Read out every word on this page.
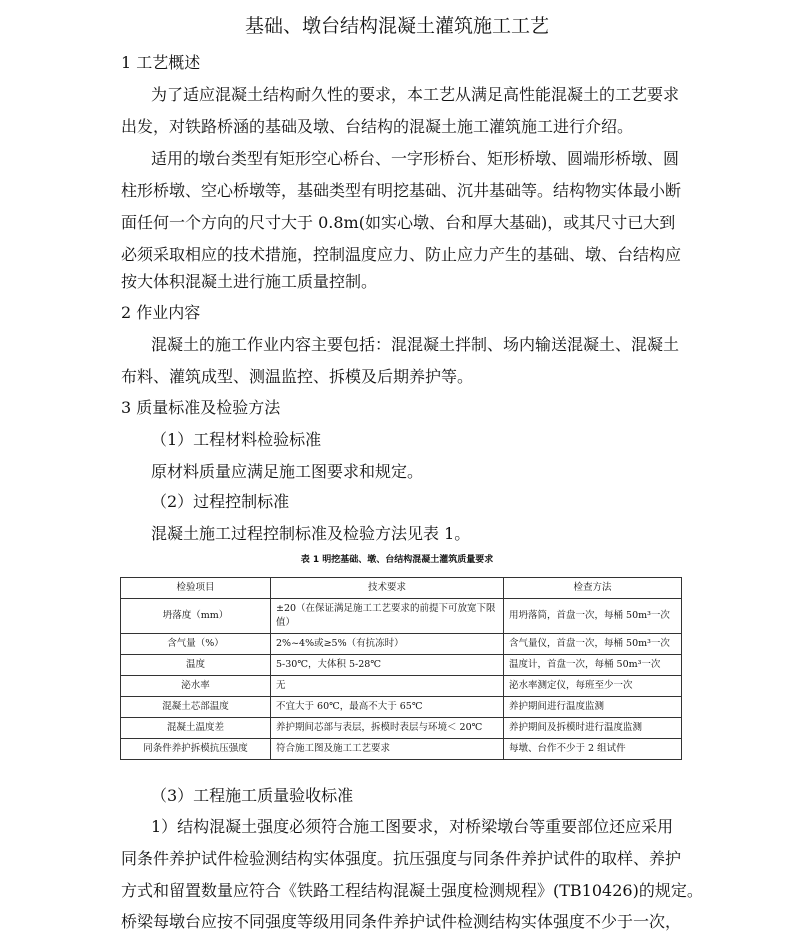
基础、墩台结构混凝土灌筑施工工艺

1 工艺概述

为了适应混凝土结构耐久性的要求，本工艺从满足高性能混凝土的工艺要求

出发，对铁路桥涵的基础及墩、台结构的混凝土施工灌筑施工进行介绍。

适用的墩台类型有矩形空心桥台、一字形桥台、矩形桥墩、圆端形桥墩、圆

柱形桥墩、空心桥墩等，基础类型有明挖基础、沉井基础等。结构物实体最小断

面任何一个方向的尺寸大于 0.8m(如实心墩、台和厚大基础)，或其尺寸已大到

必须采取相应的技术措施，控制温度应力、防止应力产生的基础、墩、台结构应

按大体积混凝土进行施工质量控制。

2 作业内容

混凝土的施工作业内容主要包括：混混凝土拌制、场内输送混凝土、混凝土

布料、灌筑成型、测温监控、拆模及后期养护等。

3 质量标准及检验方法

（1）工程材料检验标准

原材料质量应满足施工图要求和规定。

（2）过程控制标准

混凝土施工过程控制标准及检验方法见表 1。

表 1 明挖基础、墩、台结构混凝土灌筑质量要求
检验项目	技术要求	检查方法
坍落度（mm）	±20（在保证满足施工工艺要求的前提下可放宽下限值）	用坍落筒，首盘一次，每桶 50m³一次
含气量（%）	2%~4%或≥5%（有抗冻时）	含气量仪，首盘一次，每桶 50m³一次
温度	5-30℃，大体积 5-28℃	温度计，首盘一次，每桶 50m³一次
泌水率	无	泌水率测定仪，每班至少一次
混凝土芯部温度	不宜大于 60℃，最高不大于 65℃	养护期间进行温度监测
混凝土温度差	养护期间芯部与表层，拆模时表层与环境＜ 20℃	养护期间及拆模时进行温度监测
同条件养护拆模抗压强度	符合施工图及施工工艺要求	每墩、台作不少于 2 组试件

（3）工程施工质量验收标准

1）结构混凝土强度必须符合施工图要求，对桥梁墩台等重要部位还应采用

同条件养护试件检验测结构实体强度。抗压强度与同条件养护试件的取样、养护

方式和留置数量应符合《铁路工程结构混凝土强度检测规程》(TB10426)的规定。

桥梁每墩台应按不同强度等级用同条件养护试件检测结构实体强度不少于一次，
